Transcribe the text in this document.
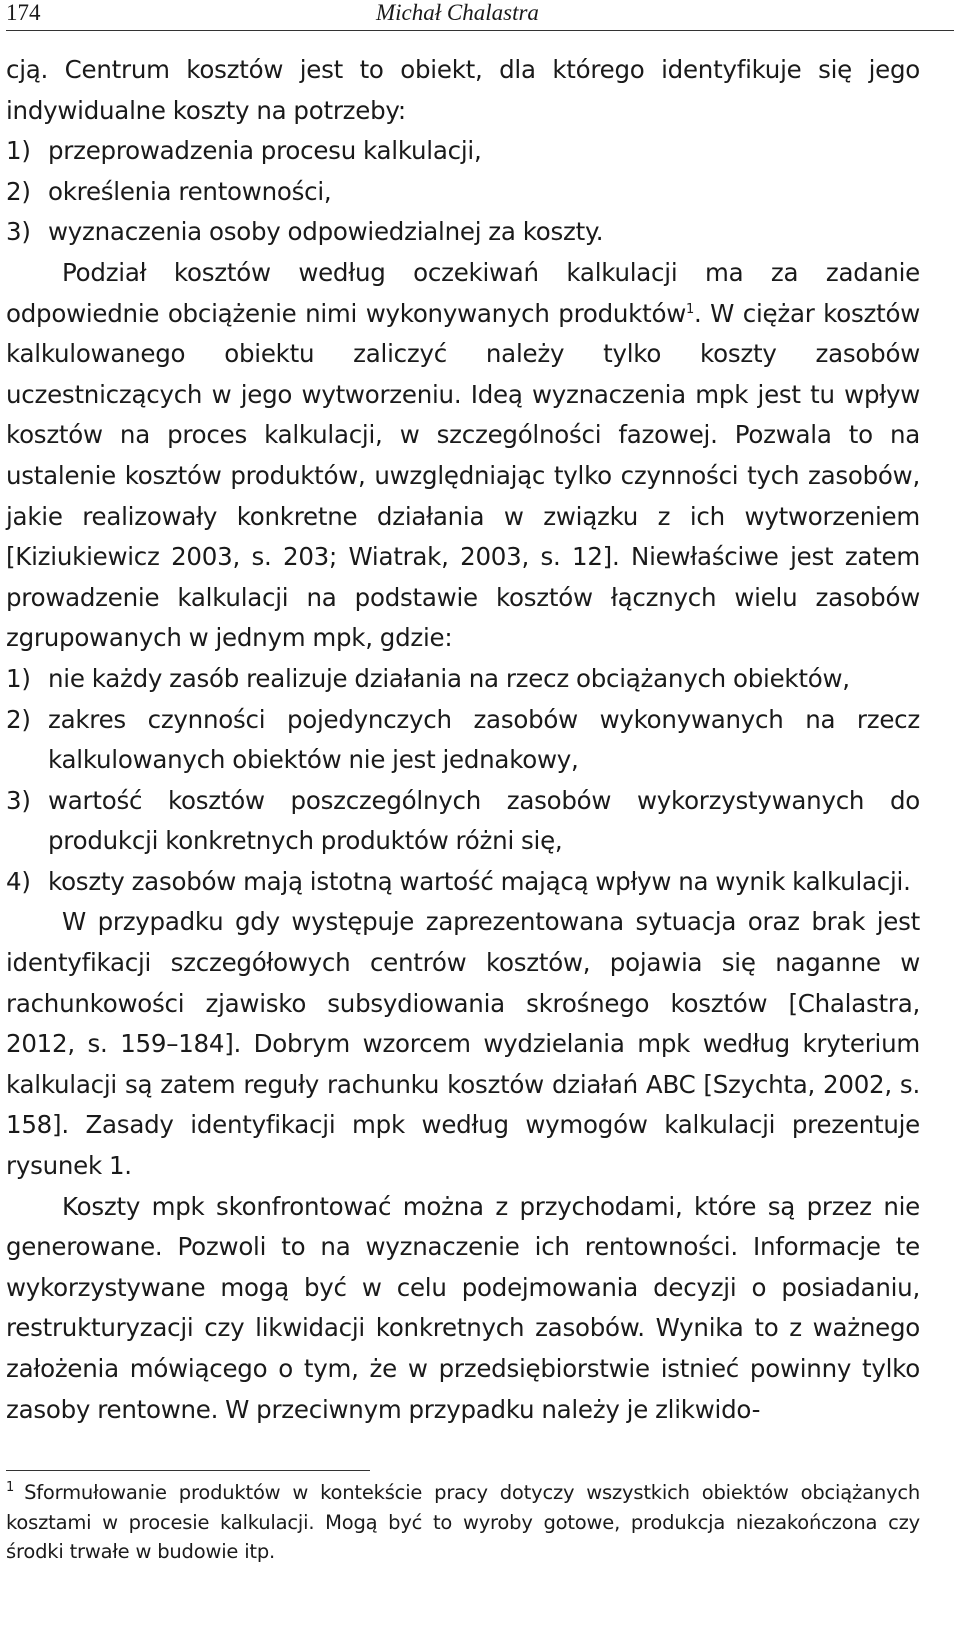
174	Michał Chalastra

cją. Centrum kosztów jest to obiekt, dla którego identyfikuje się jego indywidualne koszty na potrzeby:

1) przeprowadzenia procesu kalkulacji,
2) określenia rentowności,
3) wyznaczenia osoby odpowiedzialnej za koszty.

Podział kosztów według oczekiwań kalkulacji ma za zadanie odpowiednie obciążenie nimi wykonywanych produktów$^1$. W ciężar kosztów kalkulowanego obiektu zaliczyć należy tylko koszty zasobów uczestniczących w jego wytworzeniu. Ideą wyznaczenia mpk jest tu wpływ kosztów na proces kalkulacji, w szczególności fazowej. Pozwala to na ustalenie kosztów produktów, uwzględniając tylko czynności tych zasobów, jakie realizowały konkretne działania w związku z ich wytworzeniem [Kiziukiewicz 2003, s. 203; Wiatrak, 2003, s. 12]. Niewłaściwe jest zatem prowadzenie kalkulacji na podstawie kosztów łącznych wielu zasobów zgrupowanych w jednym mpk, gdzie:

1) nie każdy zasób realizuje działania na rzecz obciążanych obiektów,
2) zakres czynności pojedynczych zasobów wykonywanych na rzecz kalkulowanych obiektów nie jest jednakowy,
3) wartość kosztów poszczególnych zasobów wykorzystywanych do produkcji konkretnych produktów różni się,
4) koszty zasobów mają istotną wartość mającą wpływ na wynik kalkulacji.

W przypadku gdy występuje zaprezentowana sytuacja oraz brak jest identyfikacji szczegółowych centrów kosztów, pojawia się naganne w rachunkowości zjawisko subsydiowania skrośnego kosztów [Chalastra, 2012, s. 159–184]. Dobrym wzorcem wydzielania mpk według kryterium kalkulacji są zatem reguły rachunku kosztów działań ABC [Szychta, 2002, s. 158]. Zasady identyfikacji mpk według wymogów kalkulacji prezentuje rysunek 1.

Koszty mpk skonfrontować można z przychodami, które są przez nie generowane. Pozwoli to na wyznaczenie ich rentowności. Informacje te wykorzystywane mogą być w celu podejmowania decyzji o posiadaniu, restrukturyzacji czy likwidacji konkretnych zasobów. Wynika to z ważnego założenia mówiącego o tym, że w przedsiębiorstwie istnieć powinny tylko zasoby rentowne. W przeciwnym przypadku należy je zlikwido-

$^1$ Sformułowanie produktów w kontekście pracy dotyczy wszystkich obiektów obciążanych kosztami w procesie kalkulacji. Mogą być to wyroby gotowe, produkcja niezakończona czy środki trwałe w budowie itp.
